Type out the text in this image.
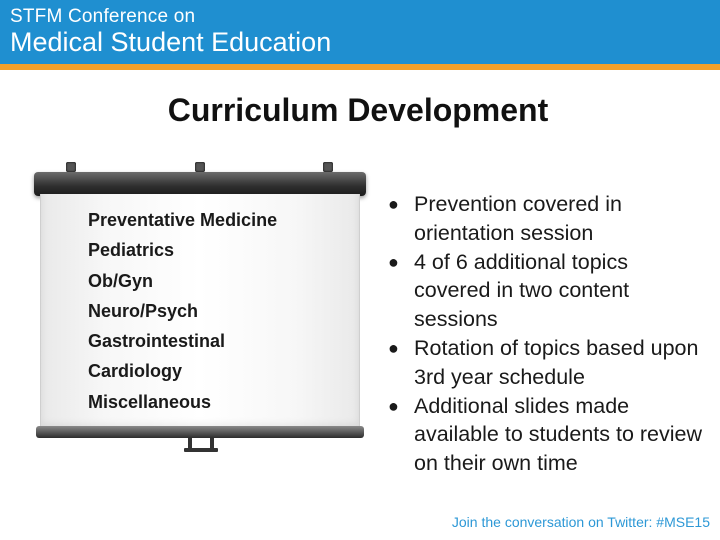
STFM Conference on
Medical Student Education
Curriculum Development
Preventative Medicine
Pediatrics
Ob/Gyn
Neuro/Psych
Gastrointestinal
Cardiology
Miscellaneous
● Prevention covered in orientation session
● 4 of 6 additional topics covered in two content sessions
● Rotation of topics based upon 3rd year schedule
● Additional slides made available to students to review on their own time
Join the conversation on Twitter: #MSE15
